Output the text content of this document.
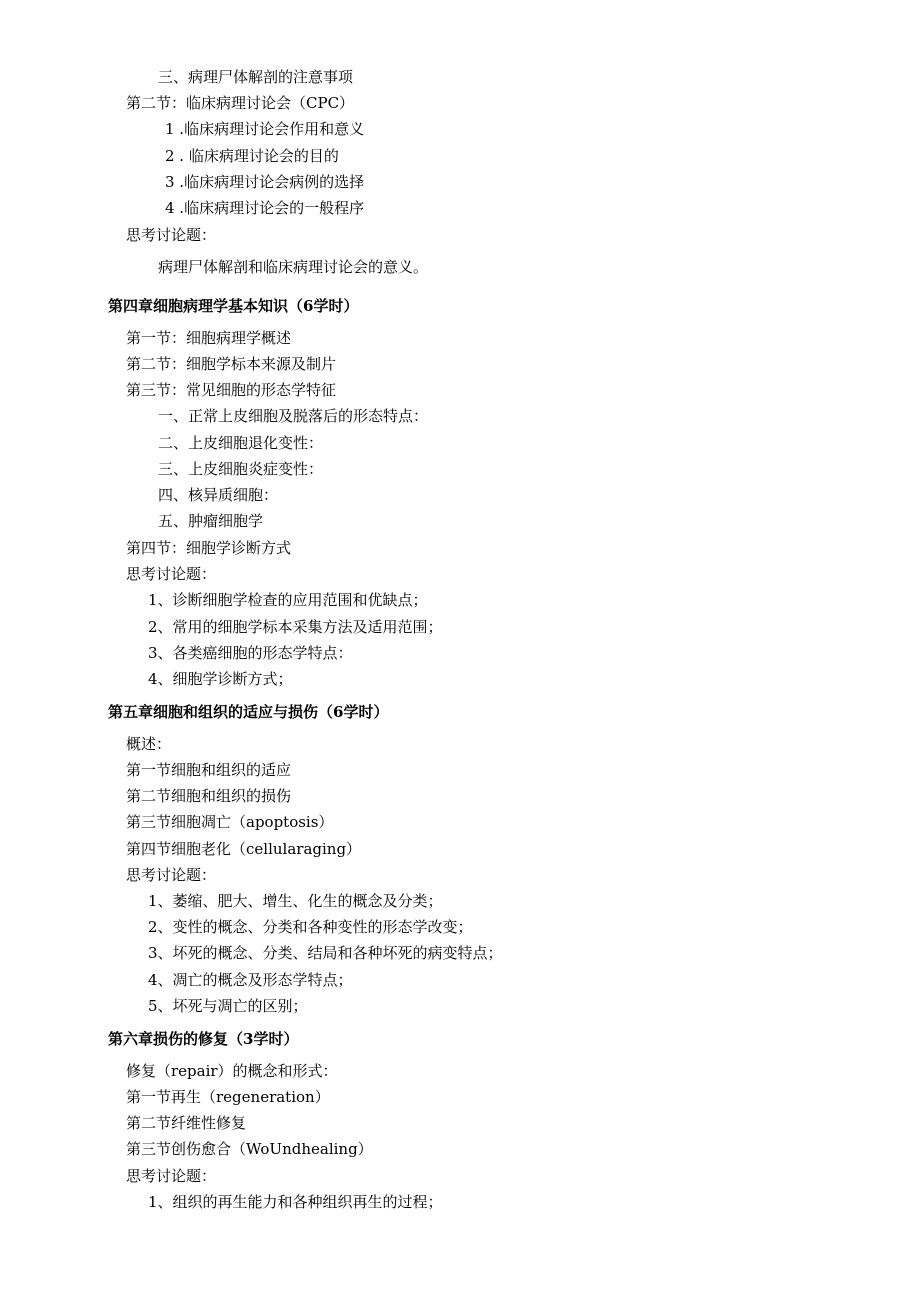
三、病理尸体解剖的注意事项
第二节：临床病理讨论会（CPC）
1 .临床病理讨论会作用和意义
2 . 临床病理讨论会的目的
3 .临床病理讨论会病例的选择
4 .临床病理讨论会的一般程序
思考讨论题：
病理尸体解剖和临床病理讨论会的意义。
第四章细胞病理学基本知识（6学时）
第一节：细胞病理学概述
第二节：细胞学标本来源及制片
第三节：常见细胞的形态学特征
一、正常上皮细胞及脱落后的形态特点：
二、上皮细胞退化变性：
三、上皮细胞炎症变性：
四、核异质细胞：
五、肿瘤细胞学
第四节：细胞学诊断方式
思考讨论题：
1、诊断细胞学检查的应用范围和优缺点；
2、常用的细胞学标本采集方法及适用范围；
3、各类癌细胞的形态学特点：
4、细胞学诊断方式；
第五章细胞和组织的适应与损伤（6学时）
概述：
第一节细胞和组织的适应
第二节细胞和组织的损伤
第三节细胞凋亡（apoptosis）
第四节细胞老化（cellularaging）
思考讨论题：
1、萎缩、肥大、增生、化生的概念及分类；
2、变性的概念、分类和各种变性的形态学改变；
3、坏死的概念、分类、结局和各种坏死的病变特点；
4、凋亡的概念及形态学特点；
5、坏死与凋亡的区别；
第六章损伤的修复（3学时）
修复（repair）的概念和形式：
第一节再生（regeneration）
第二节纤维性修复
第三节创伤愈合（WoUndhealing）
思考讨论题：
1、组织的再生能力和各种组织再生的过程；
